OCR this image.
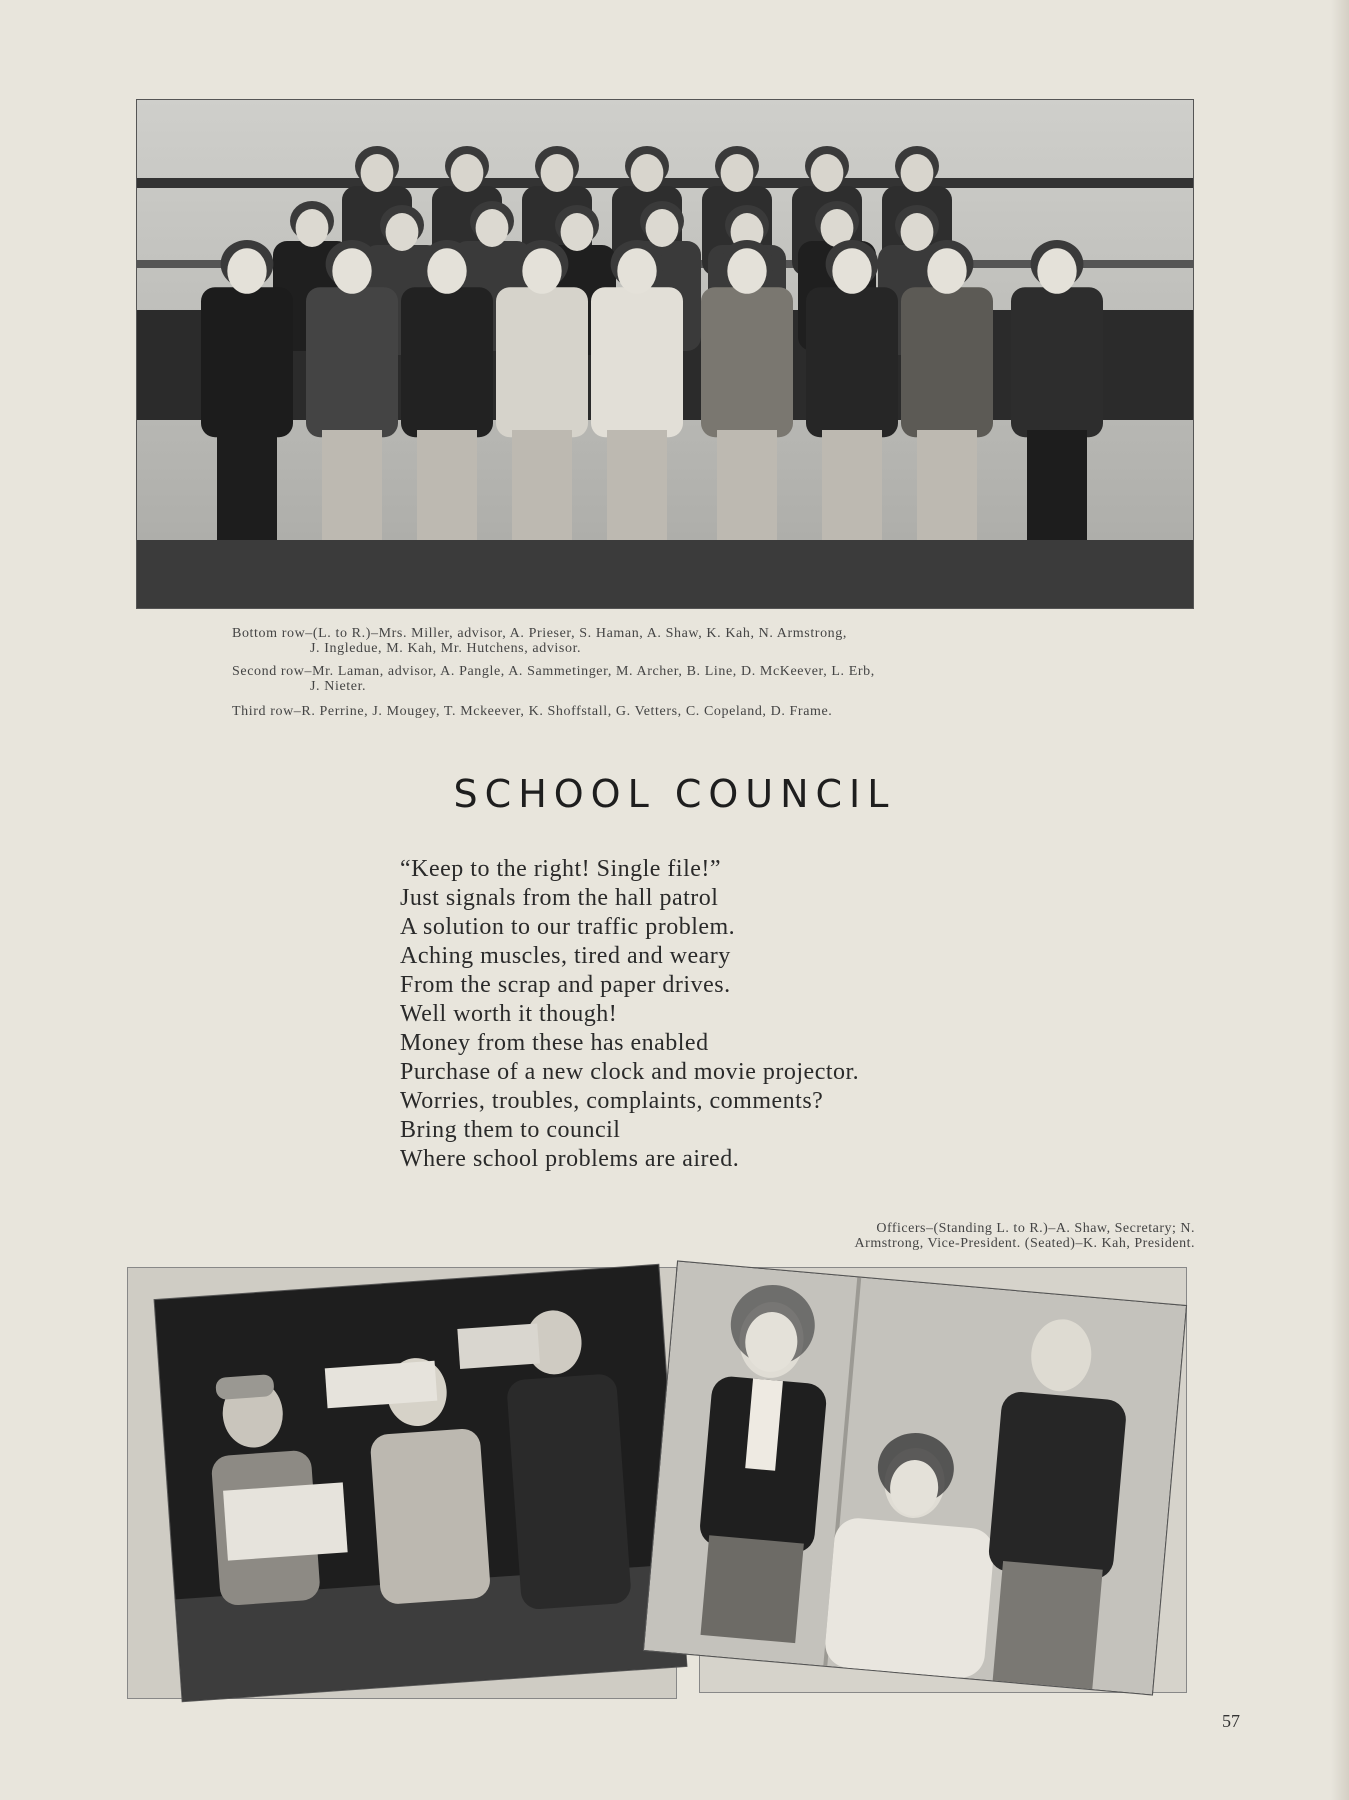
Bottom row–(L. to R.)–Mrs. Miller, advisor, A. Prieser, S. Haman, A. Shaw, K. Kah, N. Armstrong,
J. Ingledue, M. Kah, Mr. Hutchens, advisor.
Second row–Mr. Laman, advisor, A. Pangle, A. Sammetinger, M. Archer, B. Line, D. McKeever, L. Erb,
J. Nieter.
Third row–R. Perrine, J. Mougey, T. Mckeever, K. Shoffstall, G. Vetters, C. Copeland, D. Frame.
SCHOOL COUNCIL
“Keep to the right! Single file!”
Just signals from the hall patrol
A solution to our traffic problem.
Aching muscles, tired and weary
From the scrap and paper drives.
Well worth it though!
Money from these has enabled
Purchase of a new clock and movie projector.
Worries, troubles, complaints, comments?
Bring them to council
Where school problems are aired.
Officers–(Standing L. to R.)–A. Shaw, Secretary; N.
Armstrong, Vice-President. (Seated)–K. Kah, President.
57
